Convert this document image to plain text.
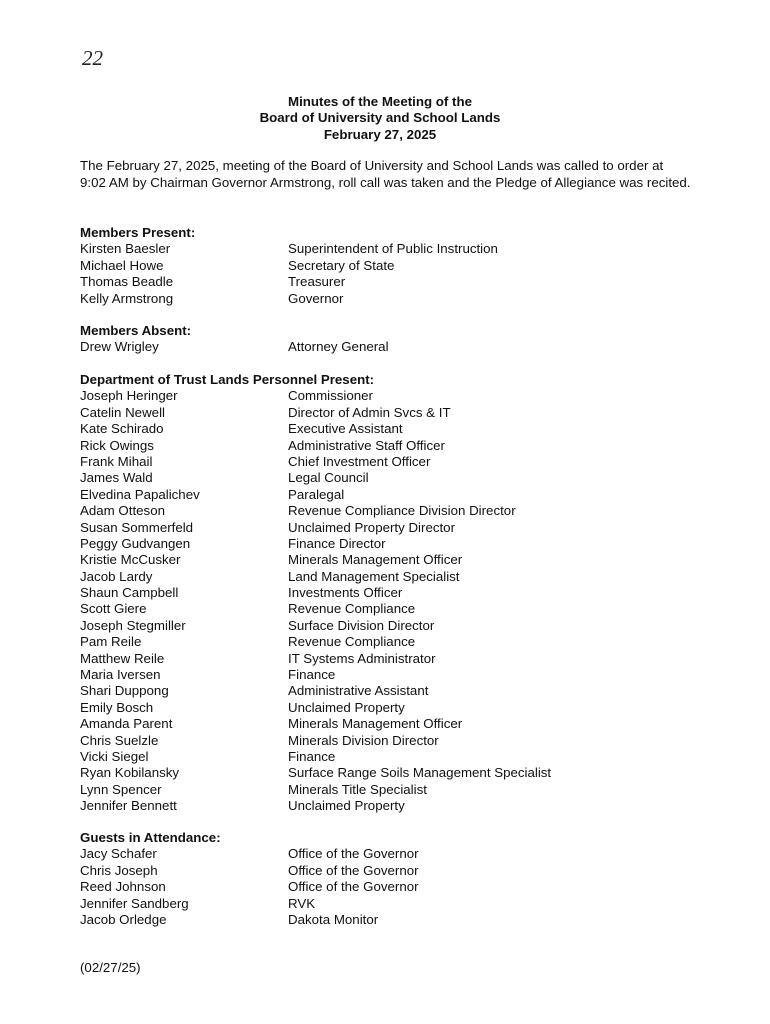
22
Minutes of the Meeting of the
Board of University and School Lands
February 27, 2025
The February 27, 2025, meeting of the Board of University and School Lands was called to order at 9:02 AM by Chairman Governor Armstrong, roll call was taken and the Pledge of Allegiance was recited.
Members Present:
Kirsten Baesler	Superintendent of Public Instruction
Michael Howe	Secretary of State
Thomas Beadle	Treasurer
Kelly Armstrong	Governor
Members Absent:
Drew Wrigley	Attorney General
Department of Trust Lands Personnel Present:
Joseph Heringer	Commissioner
Catelin Newell	Director of Admin Svcs & IT
Kate Schirado	Executive Assistant
Rick Owings	Administrative Staff Officer
Frank Mihail	Chief Investment Officer
James Wald	Legal Council
Elvedina Papalichev	Paralegal
Adam Otteson	Revenue Compliance Division Director
Susan Sommerfeld	Unclaimed Property Director
Peggy Gudvangen	Finance Director
Kristie McCusker	Minerals Management Officer
Jacob Lardy	Land Management Specialist
Shaun Campbell	Investments Officer
Scott Giere	Revenue Compliance
Joseph Stegmiller	Surface Division Director
Pam Reile	Revenue Compliance
Matthew Reile	IT Systems Administrator
Maria Iversen	Finance
Shari Duppong	Administrative Assistant
Emily Bosch	Unclaimed Property
Amanda Parent	Minerals Management Officer
Chris Suelzle	Minerals Division Director
Vicki Siegel	Finance
Ryan Kobilansky	Surface Range Soils Management Specialist
Lynn Spencer	Minerals Title Specialist
Jennifer Bennett	Unclaimed Property
Guests in Attendance:
Jacy Schafer	Office of the Governor
Chris Joseph	Office of the Governor
Reed Johnson	Office of the Governor
Jennifer Sandberg	RVK
Jacob Orledge	Dakota Monitor
(02/27/25)
